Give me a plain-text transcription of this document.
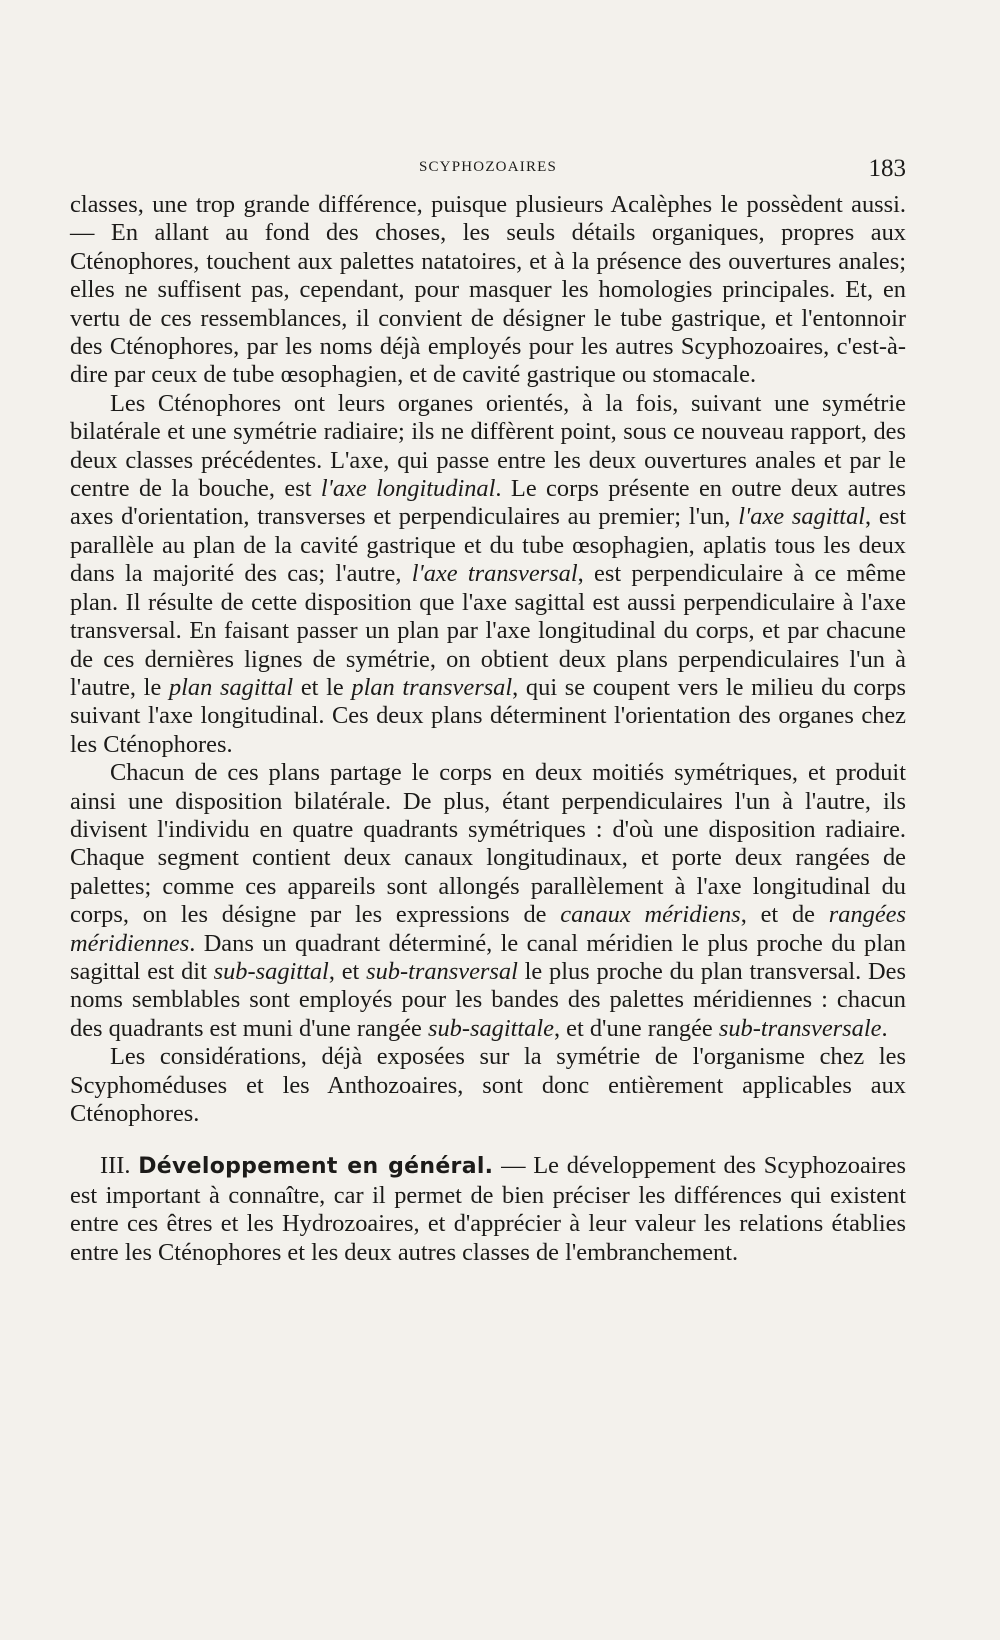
SCYPHOZOAIRES	183

classes, une trop grande différence, puisque plusieurs Acalèphes le possèdent aussi. — En allant au fond des choses, les seuls détails organiques, propres aux Cténophores, touchent aux palettes natatoires, et à la présence des ouvertures anales; elles ne suffisent pas, cependant, pour masquer les homologies principales. Et, en vertu de ces ressemblances, il convient de désigner le tube gastrique, et l'entonnoir des Cténophores, par les noms déjà employés pour les autres Scyphozoaires, c'est-à-dire par ceux de tube œsophagien, et de cavité gastrique ou stomacale.

Les Cténophores ont leurs organes orientés, à la fois, suivant une symétrie bilatérale et une symétrie radiaire; ils ne diffèrent point, sous ce nouveau rapport, des deux classes précédentes. L'axe, qui passe entre les deux ouvertures anales et par le centre de la bouche, est l'axe longitudinal. Le corps présente en outre deux autres axes d'orientation, transverses et perpendiculaires au premier; l'un, l'axe sagittal, est parallèle au plan de la cavité gastrique et du tube œsophagien, aplatis tous les deux dans la majorité des cas; l'autre, l'axe transversal, est perpendiculaire à ce même plan. Il résulte de cette disposition que l'axe sagittal est aussi perpendiculaire à l'axe transversal. En faisant passer un plan par l'axe longitudinal du corps, et par chacune de ces dernières lignes de symétrie, on obtient deux plans perpendiculaires l'un à l'autre, le plan sagittal et le plan transversal, qui se coupent vers le milieu du corps suivant l'axe longitudinal. Ces deux plans déterminent l'orientation des organes chez les Cténophores.

Chacun de ces plans partage le corps en deux moitiés symétriques, et produit ainsi une disposition bilatérale. De plus, étant perpendiculaires l'un à l'autre, ils divisent l'individu en quatre quadrants symétriques : d'où une disposition radiaire. Chaque segment contient deux canaux longitudinaux, et porte deux rangées de palettes; comme ces appareils sont allongés parallèlement à l'axe longitudinal du corps, on les désigne par les expressions de canaux méridiens, et de rangées méridiennes. Dans un quadrant déterminé, le canal méridien le plus proche du plan sagittal est dit sub-sagittal, et sub-transversal le plus proche du plan transversal. Des noms semblables sont employés pour les bandes des palettes méridiennes : chacun des quadrants est muni d'une rangée sub-sagittale, et d'une rangée sub-transversale.

Les considérations, déjà exposées sur la symétrie de l'organisme chez les Scyphoméduses et les Anthozoaires, sont donc entièrement applicables aux Cténophores.

III. Développement en général. — Le développement des Scyphozoaires est important à connaître, car il permet de bien préciser les différences qui existent entre ces êtres et les Hydrozoaires, et d'apprécier à leur valeur les relations établies entre les Cténophores et les deux autres classes de l'embranchement.
